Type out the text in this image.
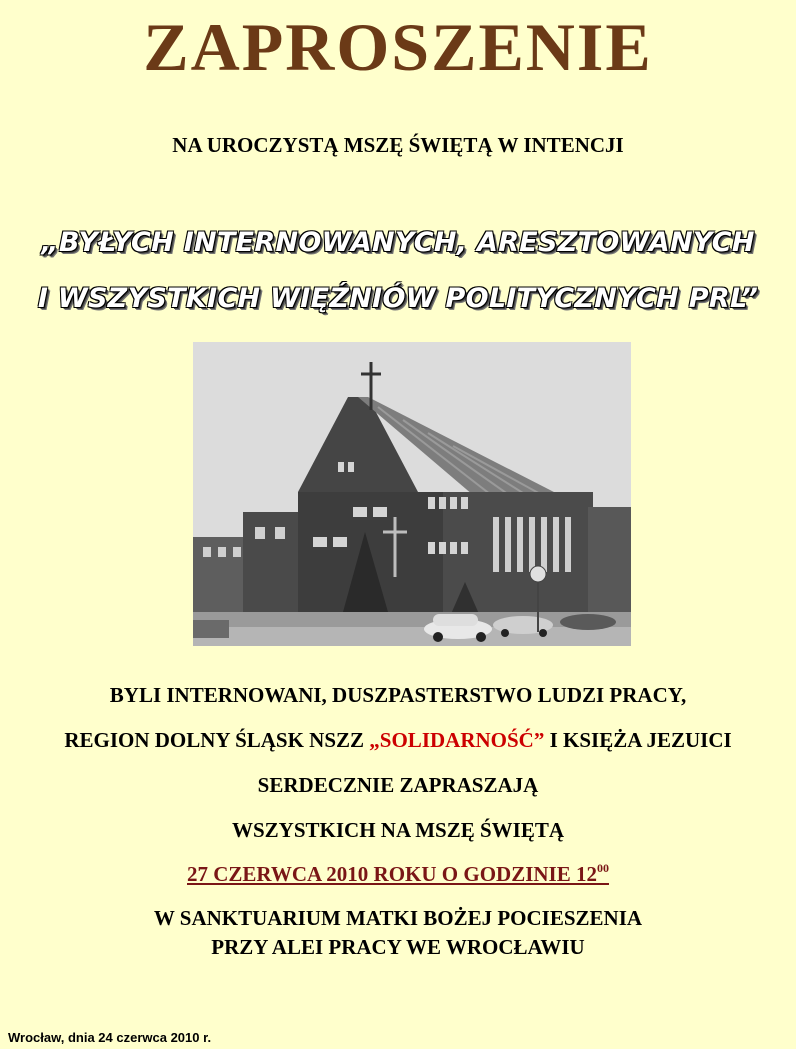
ZAPROSZENIE

NA UROCZYSTĄ MSZĘ ŚWIĘTĄ W INTENCJI

„BYŁYCH INTERNOWANYCH, ARESZTOWANYCH

I WSZYSTKICH WIĘŹNIÓW POLITYCZNYCH PRL”

BYLI INTERNOWANI, DUSZPASTERSTWO LUDZI PRACY,

REGION DOLNY ŚLĄSK NSZZ „SOLIDARNOŚĆ” I KSIĘŻA JEZUICI

SERDECZNIE ZAPRASZAJĄ

WSZYSTKICH NA MSZĘ ŚWIĘTĄ

27 CZERWCA 2010 ROKU O GODZINIE $12^{00}$

W SANKTUARIUM MATKI BOŻEJ POCIESZENIA

PRZY ALEI PRACY WE WROCŁAWIU

Wrocław, dnia 24 czerwca 2010 r.
